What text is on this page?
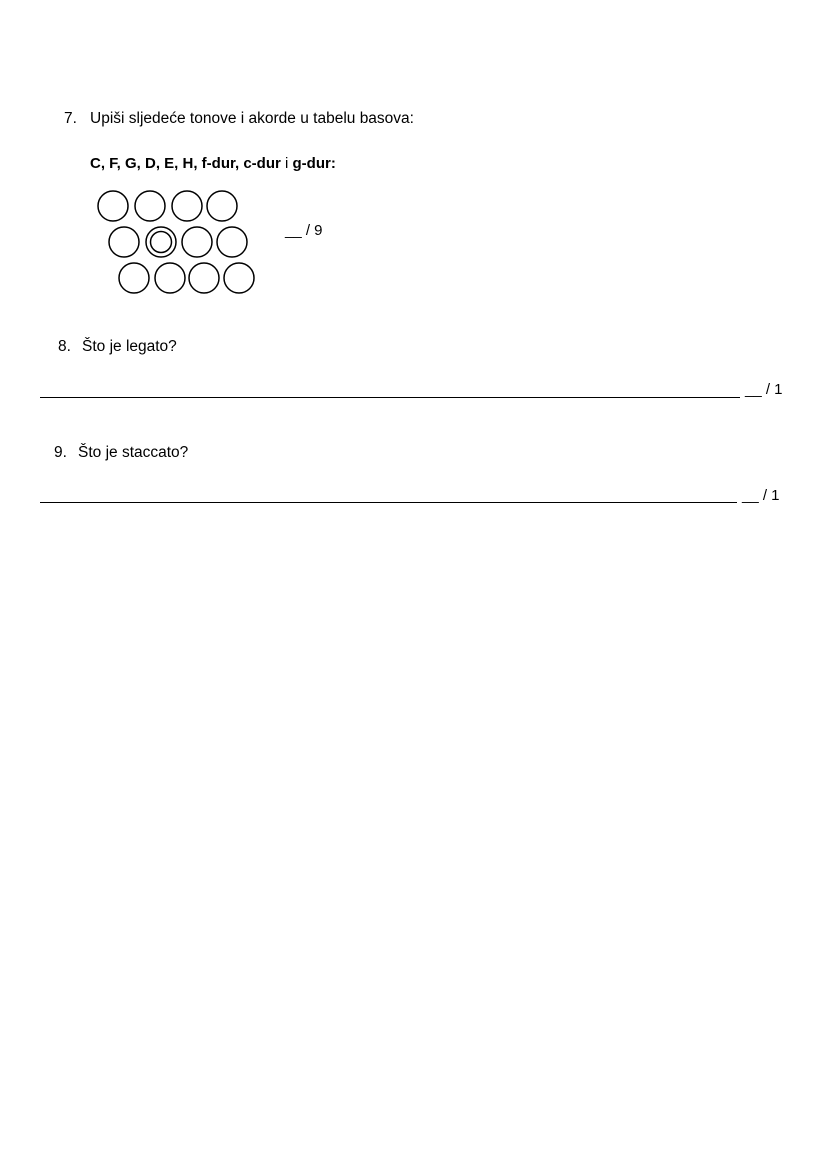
7. Upiši sljedeće tonove i akorde u tabelu basova:
C, F, G, D, E, H, f-dur, c-dur i g-dur:
__ / 9
8. Što je legato?
__ / 1
9. Što je staccato?
__ / 1
